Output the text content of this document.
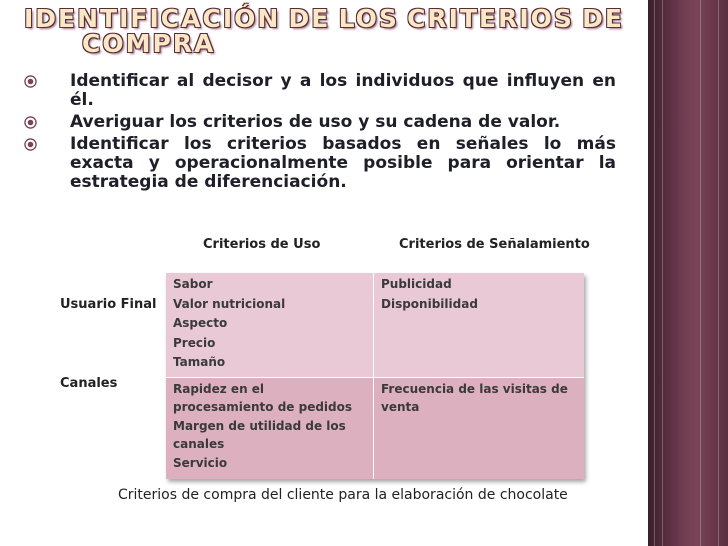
IDENTIFICACIÓN DE LOS CRITERIOS DE
COMPRA
Identificar al decisor y a los individuos que influyen en él.
Averiguar los criterios de uso y su cadena de valor.
Identificar los criterios basados en señales lo más exacta y operacionalmente posible para orientar la estrategia de diferenciación.
Criterios de Uso	Criterios de Señalamiento
Usuario Final
Canales
Sabor
Valor nutricional
Aspecto
Precio
Tamaño
Publicidad
Disponibilidad
Rapidez en el procesamiento de pedidos
Margen de utilidad de los canales
Servicio
Frecuencia de las visitas de venta
Criterios de compra del cliente para la elaboración de chocolate
